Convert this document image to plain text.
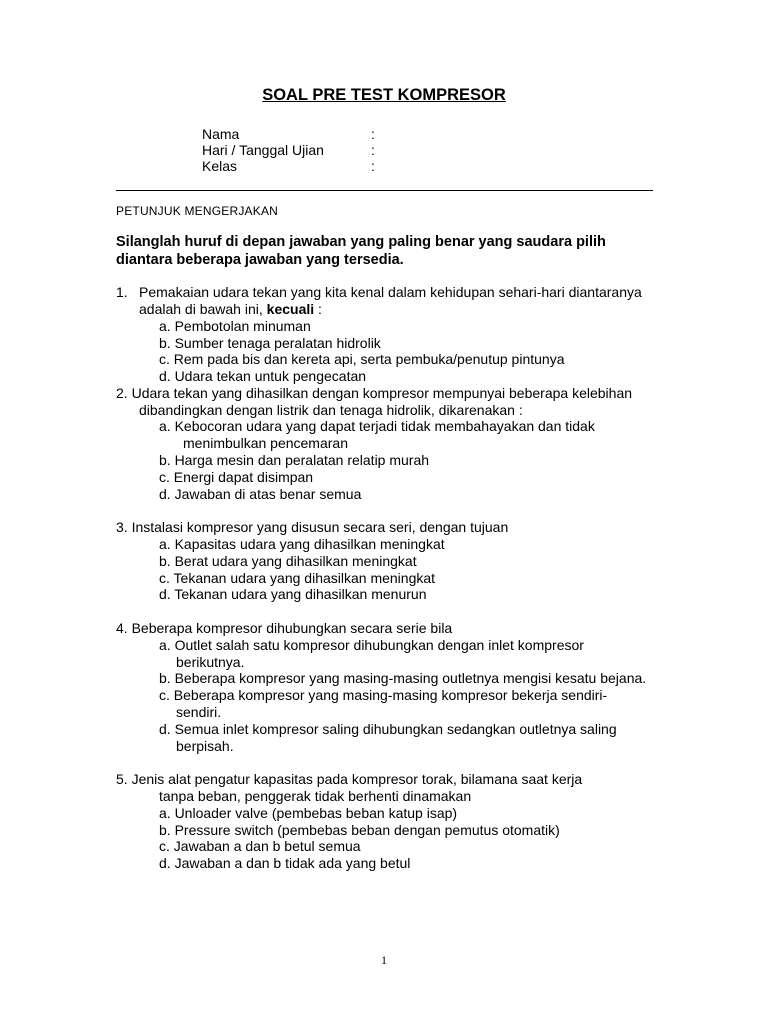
SOAL PRE TEST KOMPRESOR
Nama	:
Hari / Tanggal Ujian	:
Kelas	:
PETUNJUK MENGERJAKAN
Silanglah huruf di depan jawaban yang paling benar yang saudara pilih diantara beberapa jawaban yang tersedia.
1. Pemakaian udara tekan yang kita kenal dalam kehidupan sehari-hari diantaranya
adalah di bawah ini, kecuali :
a. Pembotolan minuman
b. Sumber tenaga peralatan hidrolik
c. Rem pada bis dan kereta api, serta pembuka/penutup pintunya
d. Udara tekan untuk pengecatan
2. Udara tekan yang dihasilkan dengan kompresor mempunyai beberapa kelebihan
dibandingkan dengan listrik dan tenaga hidrolik, dikarenakan :
a. Kebocoran udara yang dapat terjadi tidak membahayakan dan tidak
menimbulkan pencemaran
b. Harga mesin dan peralatan relatip murah
c. Energi dapat disimpan
d. Jawaban di atas benar semua
3. Instalasi kompresor yang disusun secara seri, dengan tujuan
a. Kapasitas udara yang dihasilkan meningkat
b. Berat udara yang dihasilkan meningkat
c. Tekanan udara yang dihasilkan meningkat
d. Tekanan udara yang dihasilkan menurun
4. Beberapa kompresor dihubungkan secara serie bila
a. Outlet salah satu kompresor dihubungkan dengan inlet kompresor
berikutnya.
b. Beberapa kompresor yang masing-masing outletnya mengisi kesatu bejana.
c. Beberapa kompresor yang masing-masing kompresor bekerja sendiri-
sendiri.
d. Semua inlet kompresor saling dihubungkan sedangkan outletnya saling
berpisah.
5. Jenis alat pengatur kapasitas pada kompresor torak, bilamana saat kerja
tanpa beban, penggerak tidak berhenti dinamakan
a. Unloader valve (pembebas beban katup isap)
b. Pressure switch (pembebas beban dengan pemutus otomatik)
c. Jawaban a dan b betul semua
d. Jawaban a dan b tidak ada yang betul
1
